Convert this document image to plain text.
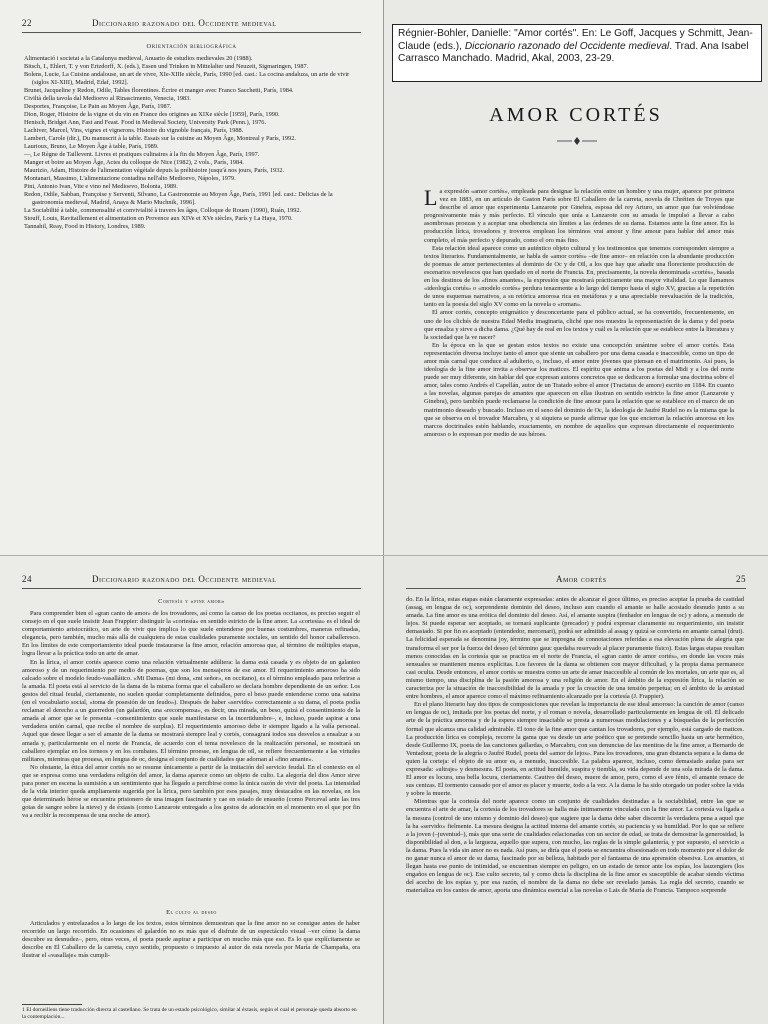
22	Diccionario razonado del Occidente medieval
Orientación bibliográfica
Alimentació i societat a la Catalunya medieval, Anuario de estudios medievales 20 (1988).
Bitsch, I., Ehlert, T. y von Ertzdorff, X. (eds.), Essen und Trinken in Mittelalter und Neuzeit, Sigmaringen, 1987.
Bolens, Lucie, La Cuisine andalouse, un art de vivre, XIe-XIIIe siècle, París, 1990 [ed. cast.: La cocina andaluza, un arte de vivir (siglos XI-XIII), Madrid, Edaf, 1992].
Brunet, Jacqueline y Redon, Odile, Tables florentines. Écrire et manger avec Franco Sacchetti, París, 1984.
Civiltà della tavola dal Medioevo al Rinascimento, Venecia, 1983.
Desportes, Françoise, Le Pain au Moyen Âge, París, 1987.
Dion, Roger, Histoire de la vigne et du vin en France des origines au XIXe siècle [1959], París, 1990.
Henisch, Bridget Ann, Fast and Feast. Food in Medieval Society, University Park (Penn.), 1976.
Lachiver, Marcel, Vins, vignes et vignerons. Histoire du vignoble français, París, 1988.
Lambert, Carole (dir.), Du manuscrit à la table. Essais sur la cuisine au Moyen Âge, Montreal y París, 1992.
Laurioux, Bruno, Le Moyen Âge à table, París, 1989.
—, Le Règne de Taillevent. Livres et pratiques culinaires à la fin du Moyen Âge, París, 1997.
Manger et boire au Moyen Âge, Actes du colloque de Nice (1982), 2 vols., París, 1984.
Maurizio, Adam, Histoire de l'alimentation végétale depuis la préhistoire jusqu'à nos jours, París, 1932.
Montanari, Massimo, L'alimentazione contadina nell'alto Medioevo, Nápoles, 1979.
Pini, Antonio Ivan, Vite e vino nel Medioevo, Bolonia, 1989.
Redon, Odile, Sabban, Françoise y Serventi, Silvano, La Gastronomie au Moyen Âge, París, 1991 [ed. cast.: Delicias de la gastronomía medieval, Madrid, Anaya & Mario Muchnik, 1996].
La Sociabilité à table, commensalité et convivialité à travers les âges, Colloque de Rouen (1990), Ruán, 1992.
Stouff, Louis, Ravitaillement et alimentation en Provence aux XIVe et XVe siècles, París y La Haya, 1970.
Tannahil, Reay, Food in History, Londres, 1989.
AMOR CORTÉS

La expresión «amor cortés», empleada para designar la relación entre un hombre y una mujer, aparece por primera vez en 1883, en un artículo de Gaston París sobre El Caballero de la carreta, novela de Chrétien de Troyes que describe el amor que experimenta Lanzarote por Ginebra, esposa del rey Arturo, un amor que fue volviéndose progresivamente más y más perfecto. El vínculo que unía a Lanzarote con su amada le impulsó a llevar a cabo asombrosas proezas y a aceptar una obediencia sin límites a las órdenes de su dama. Estamos ante la fine amor. En la producción lírica, trovadores y troveros emplean los términos vrai amour y fine amour para hablar del amor más completo, el más perfecto y depurado, como el oro más fino.

Esta relación ideal aparece como un auténtico objeto cultural y los testimonios que tenemos corresponden siempre a textos literarios. Fundamentalmente, se habla de «amor cortés» –de fine amor– en relación con la abundante producción de poemas de amor pertenecientes al dominio de Oc y de Oïl, a los que hay que añadir una floreciente producción de escenarios novelescos que han quedado en el norte de Francia. En, precisamente, la novela denominada «cortés», basada en los destinos de los «finos amantes», la expresión que mostrará prácticamente una mayor vitalidad. Lo que llamamos «ideología cortés» o «modelo cortés» perdura tenazmente a lo largo del tiempo hasta el siglo XV, gracias a la repetición de unos esquemas narrativos, a su retórica amorosa rica en metáforas y a una apreciable reevaluación de la tradición, tanto en la poesía del siglo XV como en la novela o «roman».

El amor cortés, concepto enigmático y desconcertante para el público actual, se ha convertido, frecuentemente, en uno de los clichés de nuestra Edad Media imaginaria, cliché que nos muestra la representación de la dama y del poeta que ensalza y sirve a dicha dama. ¿Qué hay de real en los textos y cuál es la relación que se establece entre la literatura y la sociedad que la ve nacer?

En la época en la que se gestan estos textos no existe una concepción unánime sobre el amor cortés. Esta representación diversa incluye tanto el amor que siente un caballero por una dama casada e inaccesible, como un tipo de amor más carnal que conduce al adulterio, o, incluso, el amor entre jóvenes que piensan en el matrimonio. Así pues, la ideología de la fine amor invita a observar los matices. El espíritu que anima a los poetas del Midi y a los del norte puede ser muy diferente, sin hablar del que expresan autores concretos que se dedicaron a formular una doctrina sobre el amor, tales como Andrés el Capellán, autor de un Tratado sobre el amor (Tractatus de amore) escrito en 1184. En cuanto a las novelas, algunas parejas de amantes que aparecen en ellas ilustran en sentido estricto la fine amor (Lanzarote y Ginebra), pero también puede reclamarse la condición de fine amour para la relación que se establece en el marco de un matrimonio deseado y buscado. Incluso en el seno del dominio de Oc, la ideología de Jaufré Rudel no es la misma que la que se observa en el trovador Marcabru, y si siquiera se puede afirmar que los que encierran la relación amorosa en los marcos doctrinales estén hablando, exactamente, en nombre de aquellos que expresan directamente el requerimiento amoroso o lo expresan por medio de sus héroes.

Régnier-Bohler, Danielle: "Amor cortés". En: Le Goff, Jacques y Schmitt, Jean-Claude (eds.), Diccionario razonado del Occidente medieval. Trad. Ana Isabel Carrasco Manchado. Madrid, Akal, 2003, 23-29.
24	Diccionario razonado del Occidente medieval
Cortesía y «fine amor»

Para comprender bien el «gran canto de amor» de los trovadores, así como la canso de los poetas occitanos, es preciso seguir el consejo en el que suele insistir Jean Frappier: distinguir la «cortesía» en sentido estricto de la fine amor. La «cortesía» es el ideal de comportamiento aristocrático, un arte de vivir que implica lo que suele entenderse por buenas costumbres, maneras refinadas, elegancia, pero también, mucho más allá de cualquiera de estas cualidades puramente sociales, un sentido del honor caballeresco. En los límites de este comportamiento ideal puede instaurarse la fine amor, relación amorosa que, al término de múltiples etapas, logra llevar a la práctica todo un arte de amar.

En la lírica, el amor cortés aparece como una relación virtualmente adúltera: la dama está casada y es objeto de un galanteo amoroso y de un requerimiento por medio de poemas, que son los mensajeros de ese amor. El requerimiento amoroso ha sido calcado sobre el modelo feudo-vasallático. «Mi Dama» (mi dona, «mi señor», en occitano), es el término empleado para referirse a la amada. El poeta está al servicio de la dama de la misma forma que el caballero se declara hombre dependiente de un señor. Los gestos del ritual feudal, ciertamente, no suelen quedar completamente definidos, pero el beso puede entenderse como una saisina (en el vocabulario social, «toma de posesión de un feudo»). Después de haber «servido» correctamente a su dama, el poeta podía reclamar el derecho a un guerredon (un galardón, una «recompensa», es decir, una mirada, un beso, quizá el consentimiento de la amada al amor que se le presenta –consentimiento que suele manifestarse en la incertidumbre–, e, incluso, puede aspirar a una verdadera unión carnal, que recibe el nombre de surplus). El requerimiento amoroso debe ir siempre ligado a la valía personal. Aquel que desee llegar a ser el amante de la dama se mostrará siempre leal y cortés, consagrará todos sus desvelos a ensalzar a su amada y, particularmente en el norte de Francia, de acuerdo con el tema novelesco de la realización personal, se mostrará un caballero ejemplar en los torneos y en los combates. El término proesse, en lengua de oïl, se refiere frecuentemente a las virtudes militares, mientras que prouesa, en lengua de oc, designa el conjunto de cualidades que adornan al «fino amante».

No obstante, la ética del amor cortés no se resume únicamente a partir de la imitación del servicio feudal. En el contexto en el que se expresa como una verdadera religión del amor, la dama aparece como un objeto de culto. La alegoría del dios Amor sirve para poner en escena la sumisión a un sentimiento que ha llegado a percibirse como la única razón de vivir del poeta. La intensidad de la vida interior queda ampliamente sugerida por la lírica, pero también por esos pasajes, muy destacados en las novelas, en los que determinado héroe se encuentra prisionero de una imagen fascinante y cae en estado de ensueño (como Perceval ante las tres gotas de sangre sobre la nieve) y de éxtasis (como Lanzarote entregado a los gestos de adoración en el momento en el que por fin va a recibir la recompensa de una noche de amor).

El culto al deseo

Articulados y entrelazados a lo largo de los textos, estos términos demuestran que la fine amor no se consigue antes de haber recorrido un largo recorrido. En ocasiones el galardón no es más que el disfrute de un espectáculo visual –ver cómo la dama descubre su desnudez–, pero, otras veces, el poeta puede aspirar a participar en mucho más que eso. Es lo que explícitamente se describe en El Caballero de la carreta, cuyo sentido, propuesto o impuesto al autor de esta novela por María de Champaña, era ilustrar el «vasallaje» más cumpli-

1 El dorneiliens tiene traducción directa al castellano. Se trata de un estado psicológico, similar al éxtasis, según el cual el personaje queda absorto en la contemplación...
Amor cortés	25

do. En la lírica, estas etapas están claramente expresadas: antes de alcanzar el goce último, es preciso aceptar la prueba de castidad (assag, en lengua de oc), sorprendente dominio del deseo, incluso aun cuando el amante se halle acostado desnudo junto a su amada. La fine amor es una erótica del dominio del deseo. Así, el amante suspira (fenhador en lengua de oc) y adora, a menudo de lejos. Si puede esperar ser aceptado, se tornará suplicante (precador) y podrá expresar claramente su requerimiento, sin insistir demasiado. Si por fin es aceptado (entendedor, mercenari), podrá ser admitido al assag y quizá se convierta en amante carnal (drut). La felicidad esperada se denomina joy, término que se impregna de connotaciones referidas a esa elevación plena de alegría que transforma el ser por la fuerza del deseo (el término gauc quedaba reservado al placer puramente físico). Estas largas etapas resultan menos conocidas en la cortesía que se practica en el norte de Francia, el «gran canto de amor cortés», en donde las voces más sensuales se mantienen menos explícitas. Los favores de la dama se obtienen con mayor dificultad, y la propia dama permanece casi oculta. Desde entonces, el amor cortés se muestra como un arte de amar inaccesible al común de los mortales, un arte que es, al mismo tiempo, una disciplina de la pasión amorosa y una religión de amor. En el ámbito de la expresión lírica, la relación se caracteriza por la situación de inaccesibilidad de la amada y por la creación de una tensión perpetua; en el ámbito de la amistad entre hombres, el amor aparece como el máximo refinamiento alcanzado por la cortesía (J. Frappier).

En el plano literario hay dos tipos de composiciones que revelan la importancia de ese ideal amoroso: la canción de amor (canso en lengua de oc), imitada por los poetas del norte, y el roman o novela, desarrollado particularmente en lengua de oïl. El delicado arte de la práctica amorosa y de la espera siempre insaciable se presta a numerosas modulaciones y a búsquedas de la perfección formal que alcanza una calidad admirable. El tono de la fine amor que cantan los trovadores, por ejemplo, está cargado de matices. La producción lírica es compleja, recorre la gama que va desde un arte poético que se pretende sencillo hasta un arte hermético, desde Guillermo IX, poeta de las canciones gallardas, o Marcabru, con sus denuncias de las mentiras de la fine amor, a Bernardo de Ventadour, poeta de la alegría o Jaufré Rudel, poeta del «amor de lejos». Para los trovadores, una gran distancia separa a la dama de quien la corteja: el objeto de su amor es, a menudo, inaccesible. La palabra aparece, incluso, como demasiado audaz para ser expresada: «ultraje» y desmesura. El poeta, en actitud humilde, suspira y tiembla, su vida depende de una sola mirada de la dama. El amor es locura, una bella locura, ciertamente. Cautivo del deseo, muere de amor, pero, como el ave fénix, el amante renace de sus cenizas. El tormento causado por el amor es placer y muerte, todo a la vez. A la dama le ha sido otorgado un poder sobre la vida y sobre la muerte.

Mientras que la cortesía del norte aparece como un conjunto de cualidades destinadas a la sociabilidad, entre las que se encuentra el arte de amar, la cortesía de los trovadores se halla más íntimamente vinculada con la fine amor. La cortesía va ligada a la mesura (control de uno mismo y dominio del deseo) que sugiere que la dama debe saber discernir la verdadera pena a aquel que la ha «servido» fielmente. La mesura designa la actitud interna del amante cortés, su paciencia y su humildad. Por lo que se refiere a la joven (–juventud–), más que una serie de cualidades relacionadas con un sector de edad, se trata de demostrar la generosidad, la disponibilidad al don, a la largueza, aquello que supera, con mucho, las reglas de la simple galantería, y por supuesto, el servicio a la dama. Pues la vida sin amor no es nada. Así pues, se diría que el poeta se encuentra obsesionado en todo momento por el dolor de no ganar nunca el amor de su dama, fascinado por su belleza, habitado por el fantasma de una aprensión obsesiva. Los amantes, si llegan hasta ese punto de intimidad, se encuentran siempre en peligro, en un estado de temor ante los espías, los lauzengiers (los engaños en lengua de oc). Ese culto secreto, tal y como dicta la disciplina de la fine amor es susceptible de acabar siendo víctima del acecho de los espías y, por esa razón, el nombre de la dama no debe ser revelado jamás. La regla del secreto, cuando se materializa en los cantos de amor, aporta una dinámica esencial a las novelas o Lais de María de Francia. Tampoco sorprende
